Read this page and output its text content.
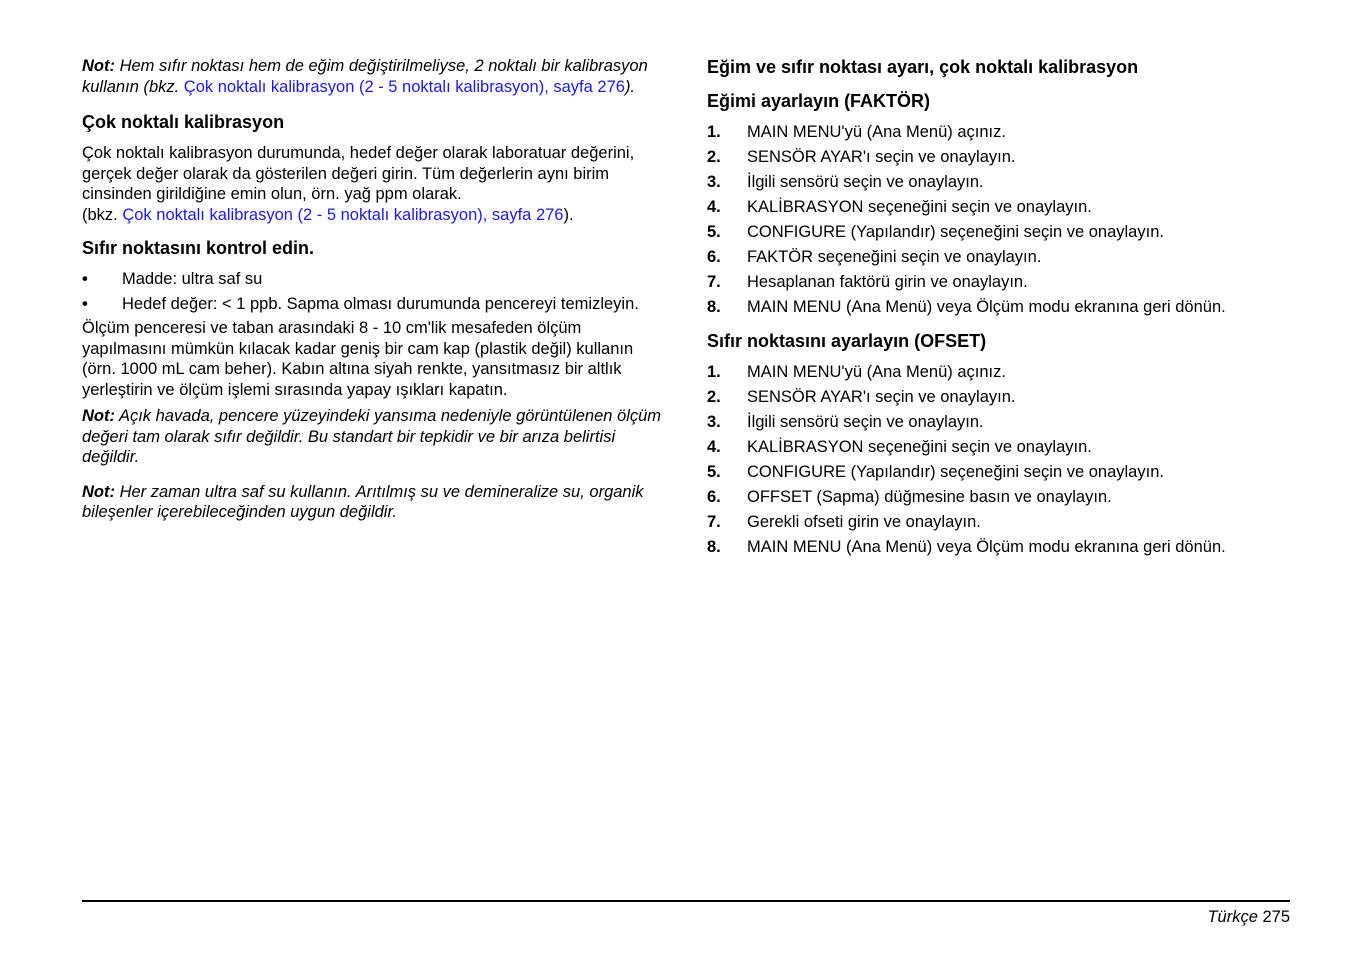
Not: Hem sıfır noktası hem de eğim değiştirilmeliyse, 2 noktalı bir kalibrasyon kullanın (bkz. Çok noktalı kalibrasyon (2 - 5 noktalı kalibrasyon), sayfa 276).

Çok noktalı kalibrasyon

Çok noktalı kalibrasyon durumunda, hedef değer olarak laboratuar değerini, gerçek değer olarak da gösterilen değeri girin. Tüm değerlerin aynı birim cinsinden girildiğine emin olun, örn. yağ ppm olarak.
(bkz. Çok noktalı kalibrasyon (2 - 5 noktalı kalibrasyon), sayfa 276).

Sıfır noktasını kontrol edin.
• Madde: ultra saf su
• Hedef değer: < 1 ppb. Sapma olması durumunda pencereyi temizleyin.

Ölçüm penceresi ve taban arasındaki 8 - 10 cm'lik mesafeden ölçüm yapılmasını mümkün kılacak kadar geniş bir cam kap (plastik değil) kullanın (örn. 1000 mL cam beher). Kabın altına siyah renkte, yansıtmasız bir altlık yerleştirin ve ölçüm işlemi sırasında yapay ışıkları kapatın.

Not: Açık havada, pencere yüzeyindeki yansıma nedeniyle görüntülenen ölçüm değeri tam olarak sıfır değildir. Bu standart bir tepkidir ve bir arıza belirtisi değildir.

Not: Her zaman ultra saf su kullanın. Arıtılmış su ve demineralize su, organik bileşenler içerebileceğinden uygun değildir.

Eğim ve sıfır noktası ayarı, çok noktalı kalibrasyon
Eğimi ayarlayın (FAKTÖR)
1. MAIN MENU'yü (Ana Menü) açınız.
2. SENSÖR AYAR'ı seçin ve onaylayın.
3. İlgili sensörü seçin ve onaylayın.
4. KALİBRASYON seçeneğini seçin ve onaylayın.
5. CONFIGURE (Yapılandır) seçeneğini seçin ve onaylayın.
6. FAKTÖR seçeneğini seçin ve onaylayın.
7. Hesaplanan faktörü girin ve onaylayın.
8. MAIN MENU (Ana Menü) veya Ölçüm modu ekranına geri dönün.
Sıfır noktasını ayarlayın (OFSET)
1. MAIN MENU'yü (Ana Menü) açınız.
2. SENSÖR AYAR'ı seçin ve onaylayın.
3. İlgili sensörü seçin ve onaylayın.
4. KALİBRASYON seçeneğini seçin ve onaylayın.
5. CONFIGURE (Yapılandır) seçeneğini seçin ve onaylayın.
6. OFFSET (Sapma) düğmesine basın ve onaylayın.
7. Gerekli ofseti girin ve onaylayın.
8. MAIN MENU (Ana Menü) veya Ölçüm modu ekranına geri dönün.
Türkçe 275
